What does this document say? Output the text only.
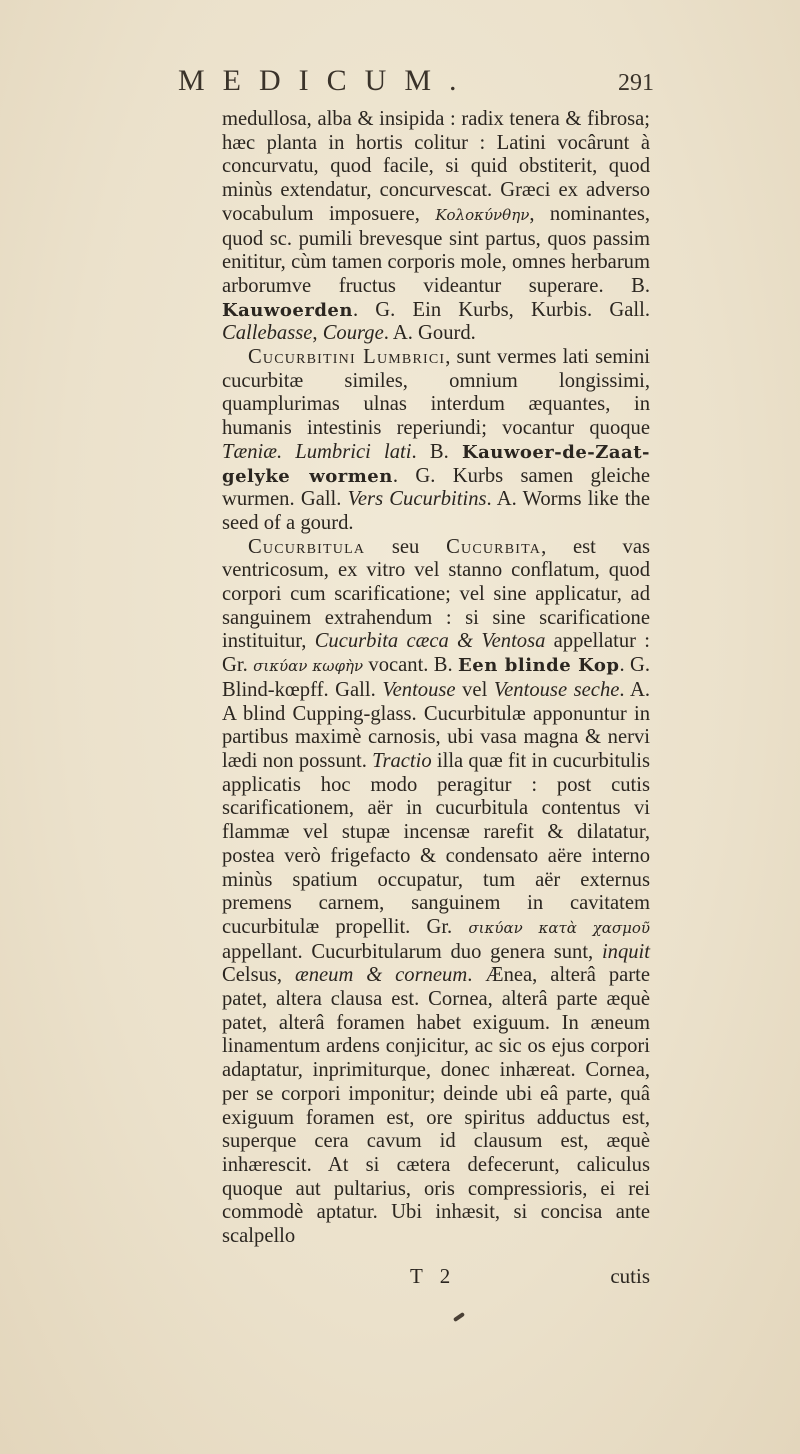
MEDICUM.	291

medullosa, alba & insipida : radix tenera & fibrosa; hæc planta in hortis colitur : Latini vocârunt à concurvatu, quod facile, si quid obstiterit, quod minùs extendatur, concurvescat. Græci ex adverso vocabulum imposuere, Κολοκύνθην, nominantes, quod sc. pumili brevesque sint partus, quos passim enititur, cùm tamen corporis mole, omnes herbarum arborumve fructus videantur superare. B. Kauwoerden. G. Ein Kurbs, Kurbis. Gall. Callebasse, Courge. A. Gourd.

Cucurbitini Lumbrici, sunt vermes lati semini cucurbitæ similes, omnium longissimi, quamplurimas ulnas interdum æquantes, in humanis intestinis reperiundi; vocantur quoque Tæniæ. Lumbrici lati. B. Kauwoer-de-Zaat-gelyke wormen. G. Kurbs samen gleiche wurmen. Gall. Vers Cucurbitins. A. Worms like the seed of a gourd.

Cucurbitula seu Cucurbita, est vas ventricosum, ex vitro vel stanno conflatum, quod corpori cum scarificatione; vel sine applicatur, ad sanguinem extrahendum : si sine scarificatione instituitur, Cucurbita cæca & Ventosa appellatur : Gr. σικύαν κωφὴν vocant. B. Een blinde Kop. G. Blind-kœpff. Gall. Ventouse vel Ventouse seche. A. A blind Cupping-glass. Cucurbitulæ apponuntur in partibus maximè carnosis, ubi vasa magna & nervi lædi non possunt. Tractio illa quæ fit in cucurbitulis applicatis hoc modo peragitur : post cutis scarificationem, aër in cucurbitula contentus vi flammæ vel stupæ incensæ rarefit & dilatatur, postea verò frigefacto & condensato aëre interno minùs spatium occupatur, tum aër externus premens carnem, sanguinem in cavitatem cucurbitulæ propellit. Gr. σικύαν κατὰ χασμοῦ appellant. Cucurbitularum duo genera sunt, inquit Celsus, æneum & corneum. Ænea, alterâ parte patet, altera clausa est. Cornea, alterâ parte æquè patet, alterâ foramen habet exiguum. In æneum linamentum ardens conjicitur, ac sic os ejus corpori adaptatur, inprimiturque, donec inhæreat. Cornea, per se corpori imponitur; deinde ubi eâ parte, quâ exiguum foramen est, ore spiritus adductus est, superque cera cavum id clausum est, æquè inhærescit. At si cætera defecerunt, caliculus quoque aut pultarius, oris compressioris, ei rei commodè aptatur. Ubi inhæsit, si concisa ante scalpello

T 2	cutis
